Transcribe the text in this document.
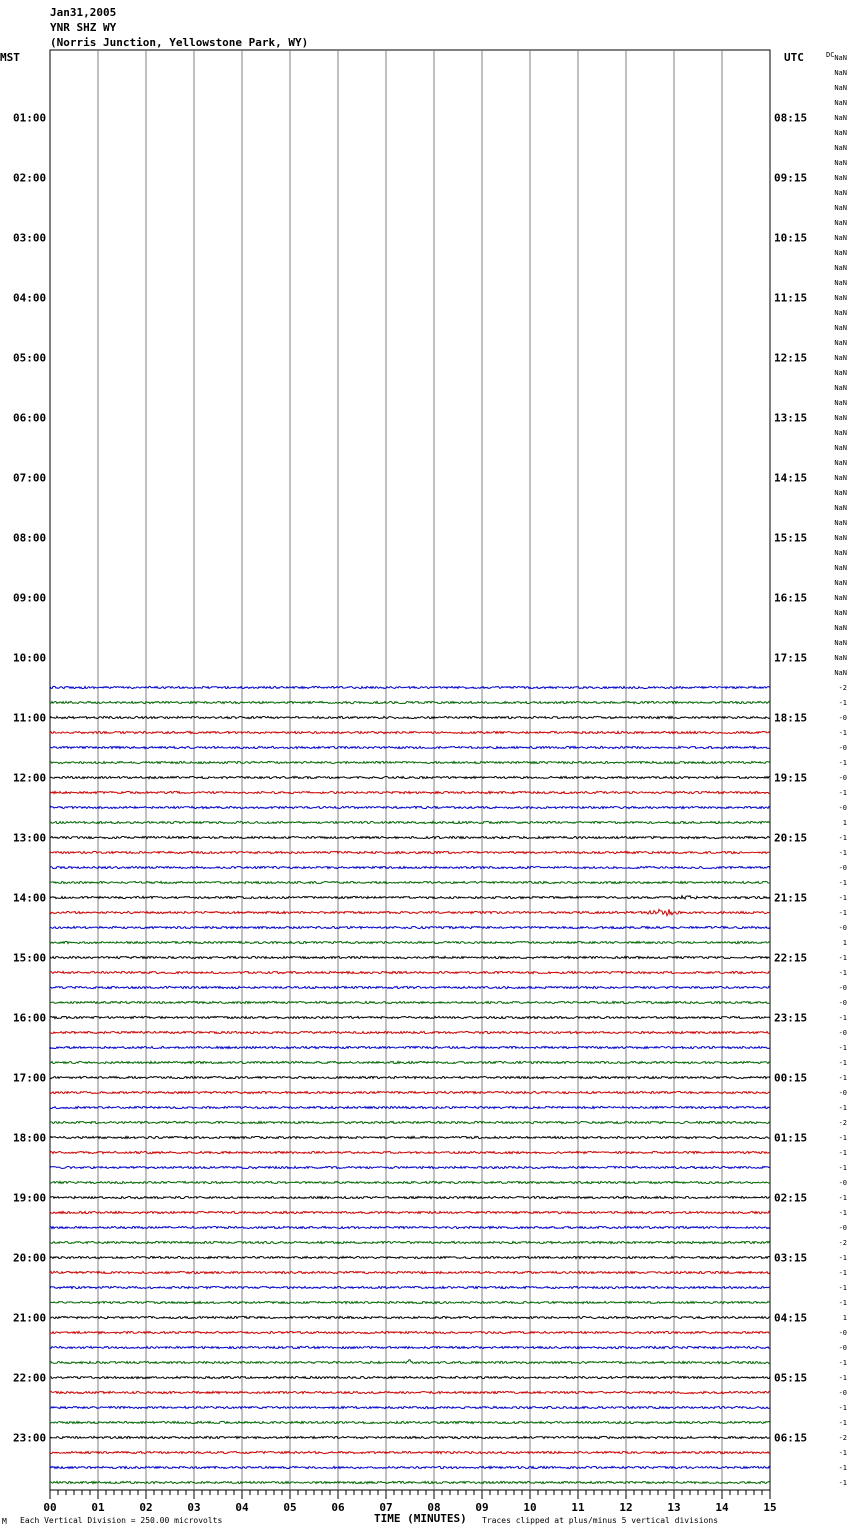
Jan31,2005
YNR SHZ WY
(Norris Junction, Yellowstone Park, WY)
MST	UTC	DC
01:00
02:00
03:00
04:00
05:00
06:00
07:00
08:00
09:00
10:00
11:00
12:00
13:00
14:00
15:00
16:00
17:00
18:00
19:00
20:00
21:00
22:00
23:00
08:15
09:15
10:15
11:15
12:15
13:15
14:15
15:15
16:15
17:15
18:15
19:15
20:15
21:15
22:15
23:15
00:15
01:15
02:15
03:15
04:15
05:15
06:15
NaN
NaN
NaN
NaN
NaN
NaN
NaN
NaN
NaN
NaN
NaN
NaN
NaN
NaN
NaN
NaN
NaN
NaN
NaN
NaN
NaN
NaN
NaN
NaN
NaN
NaN
NaN
NaN
NaN
NaN
NaN
NaN
NaN
NaN
NaN
NaN
NaN
NaN
NaN
NaN
NaN
NaN
-2
-1
-0
-1
-0
-1
-0
-1
-0
1
-1
-1
-0
-1
-1
-1
-0
1
-1
-1
-0
-0
-1
-0
-1
-1
-1
-0
-1
-2
-1
-1
-1
-0
-1
-1
-0
-2
-1
-1
-1
-1
1
-0
-0
-1
-1
-0
-1
-1
-2
-1
-1
-1
00	01	02	03	04	05	06	07	08	09	10	11	12	13	14	15
M Each Vertical Division = 250.00 microvolts	TIME (MINUTES) Traces clipped at plus/minus 5 vertical divisions
